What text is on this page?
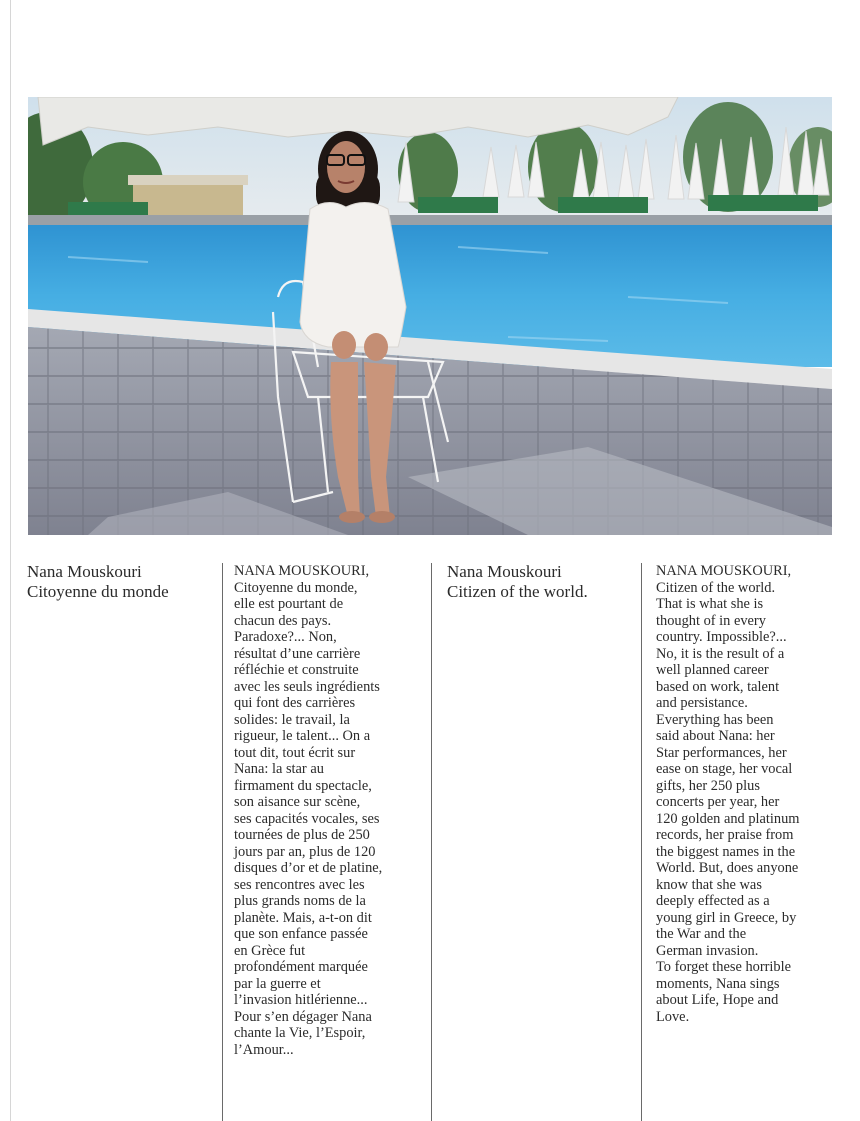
Nana Mouskouri
Citoyenne du monde
NANA MOUSKOURI,
Citoyenne du monde,
elle est pourtant de
chacun des pays.
Paradoxe?... Non,
résultat d’une carrière
réfléchie et construite
avec les seuls ingrédients
qui font des carrières
solides: le travail, la
rigueur, le talent... On a
tout dit, tout écrit sur
Nana: la star au
firmament du spectacle,
son aisance sur scène,
ses capacités vocales, ses
tournées de plus de 250
jours par an, plus de 120
disques d’or et de platine,
ses rencontres avec les
plus grands noms de la
planète. Mais, a-t-on dit
que son enfance passée
en Grèce fut
profondément marquée
par la guerre et
l’invasion hitlérienne...
Pour s’en dégager Nana
chante la Vie, l’Espoir,
l’Amour...
Nana Mouskouri
Citizen of the world.
NANA MOUSKOURI,
Citizen of the world.
That is what she is
thought of in every
country. Impossible?...
No, it is the result of a
well planned career
based on work, talent
and persistance.
Everything has been
said about Nana: her
Star performances, her
ease on stage, her vocal
gifts, her 250 plus
concerts per year, her
120 golden and platinum
records, her praise from
the biggest names in the
World. But, does anyone
know that she was
deeply effected as a
young girl in Greece, by
the War and the
German invasion.
To forget these horrible
moments, Nana sings
about Life, Hope and
Love.
